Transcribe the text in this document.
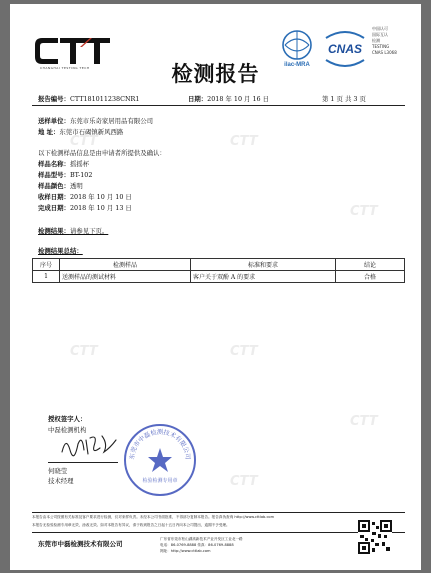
CTT	CTT
CTT
CTT	CTT
CTT
CTT
CHANGHAI TESTING TECH	ilac-MRA
CNAS
中国认可
国际互认
检测
TESTING
CNAS L3068
检测报告
报告编号：CTT181011238CNR1	日期：2018 年 10 月 16 日	第 1 页 共 3 页
送样单位：东莞市乐奇家居用品有限公司
地 址：东莞市石碣镇新风西路
以下检测样品信息是由申请者所提供及确认：
样品名称：摇摇杯
样品型号：BT-102
样品颜色：透明
收样日期：2018 年 10 月 10 日
完成日期：2018 年 10 月 13 日
检测结果：请参见下页。
检测结果总结：
序号	检测样品	标准和要求	结论
1	送测样品的测试材料	客户关于双酚 A 的要求	合格
授权签字人：
中磊检测机构
何晓莹
技术经理
东莞市中磊检测技术有限公司
检验检测专用章
本报告由本公司按照有关标准及客户要求进行检测，仅对来样负责。未经本公司书面批准，不得部分复制本报告。报告真伪查询 http://www.cttlab.com
本报告无检验检测专用章无效，涂改无效。如对本报告有异议，请于收到报告之日起十五日内向本公司提出，逾期不予受理。
东莞市中磊检测技术有限公司
广东省东莞市松山湖高新技术产业开发区工业北一路
电话：86-0769-8888 传真：86-0769-8888
网址：http://www.cttlab.com
